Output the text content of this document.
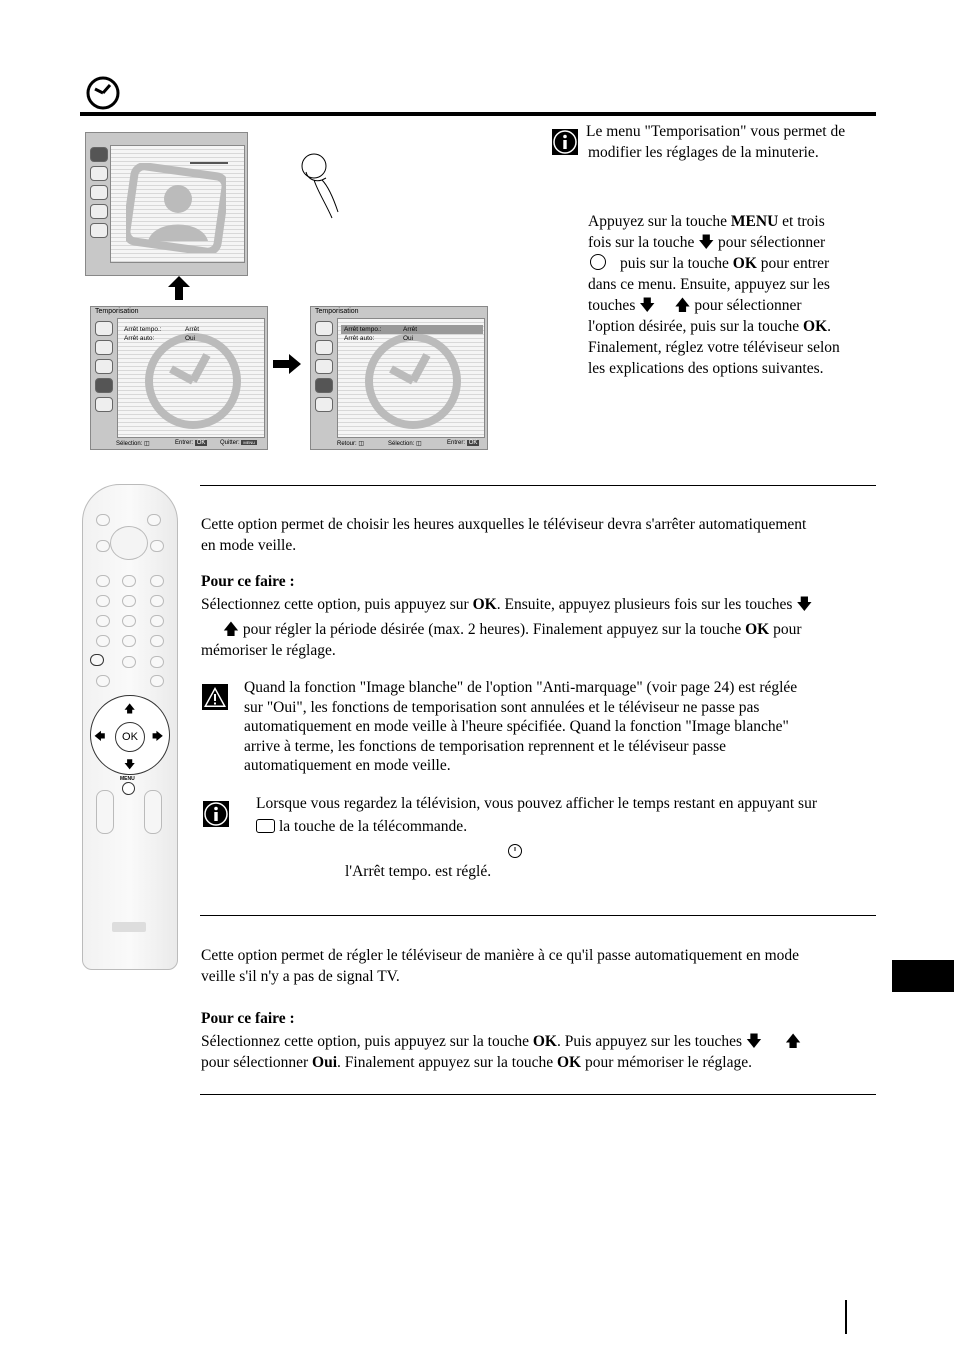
Le menu "Temporisation" vous permet de
modifier les réglages de la minuterie.
Appuyez sur la touche MENU et trois
fois sur la touche 🡇 pour sélectionner
puis sur la touche OK pour entrer
dans ce menu. Ensuite, appuyez sur les
touches 🡇 🡅 pour sélectionner
l'option désirée, puis sur la touche OK.
Finalement, réglez votre téléviseur selon
les explications des options suivantes.
Temporisation
Arrêt tempo.:	Arrêt
Arrêt auto:	Oui
Sélection: ◫	Entrer: OK	Quitter: MENU
Temporisation
Arrêt tempo.:	Arrêt
Arrêt auto:	Oui
Retour: ◫	Sélection: ◫	Entrer: OK
OK
🡅
🡇
🡄	🡆
MENU
Cette option permet de choisir les heures auxquelles le téléviseur devra s'arrêter automatiquement
en mode veille.
Pour ce faire :
Sélectionnez cette option, puis appuyez sur OK. Ensuite, appuyez plusieurs fois sur les touches 🡇
🡅 pour régler la période désirée (max. 2 heures). Finalement appuyez sur la touche OK pour
mémoriser le réglage.
Quand la fonction "Image blanche" de l'option "Anti-marquage" (voir page 24) est réglée
sur "Oui", les fonctions de temporisation sont annulées et le téléviseur ne passe pas
automatiquement en mode veille à l'heure spécifiée. Quand la fonction "Image blanche"
arrive à terme, les fonctions de temporisation reprennent et le téléviseur passe
automatiquement en mode veille.
Lorsque vous regardez la télévision, vous pouvez afficher le temps restant en appuyant sur
la touche de la télécommande.
l'Arrêt tempo. est réglé.
Cette option permet de régler le téléviseur de manière à ce qu'il passe automatiquement en mode
veille s'il n'y a pas de signal TV.
Pour ce faire :
Sélectionnez cette option, puis appuyez sur la touche OK. Puis appuyez sur les touches 🡇 🡅
pour sélectionner Oui. Finalement appuyez sur la touche OK pour mémoriser le réglage.
